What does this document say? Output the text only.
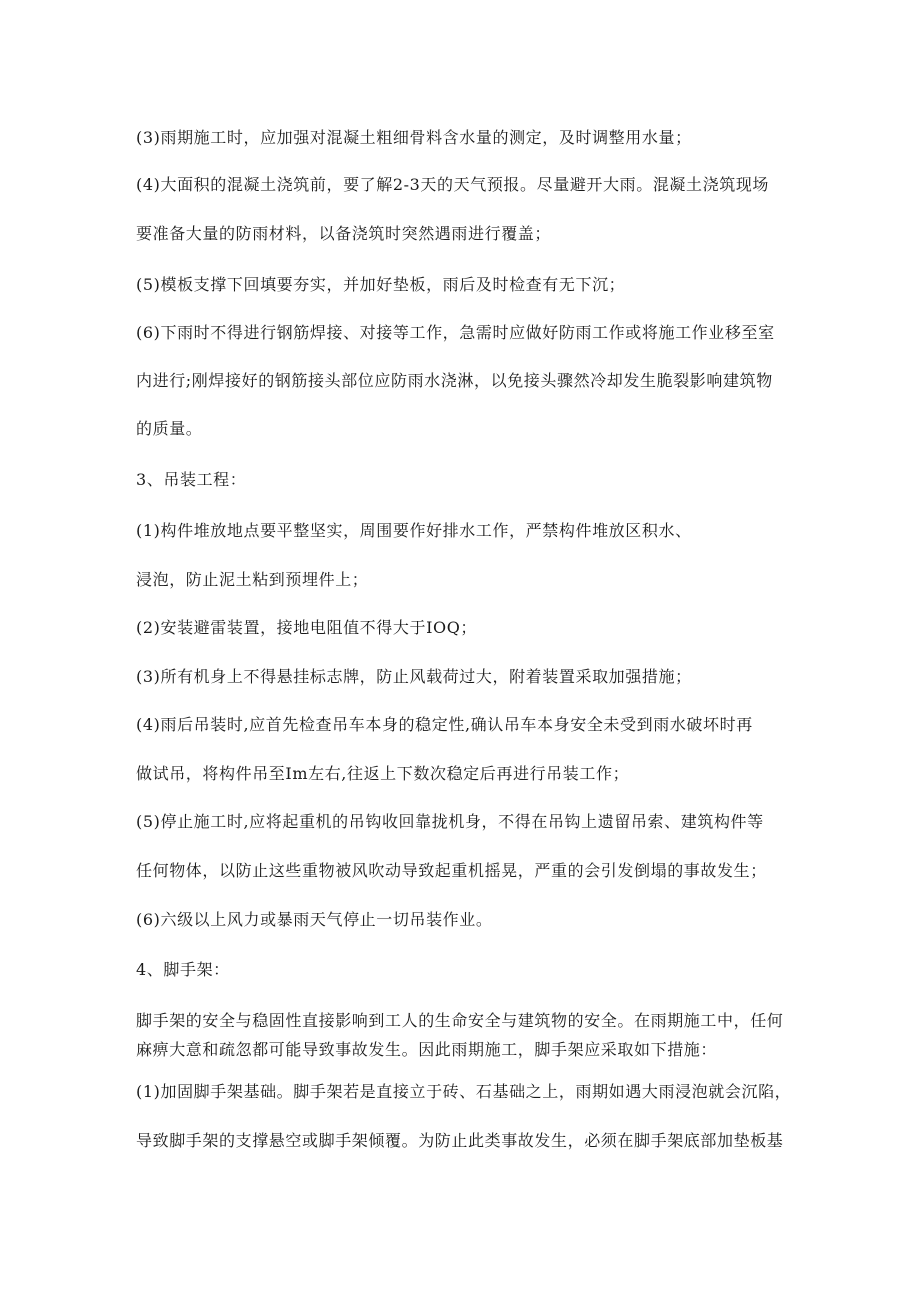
(3)雨期施工时，应加强对混凝土粗细骨料含水量的测定，及时调整用水量；
(4)大面积的混凝土浇筑前，要了解2-3天的天气预报。尽量避开大雨。混凝土浇筑现场
要准备大量的防雨材料，以备浇筑时突然遇雨进行覆盖；
(5)模板支撑下回填要夯实，并加好垫板，雨后及时检查有无下沉；
(6)下雨时不得进行钢筋焊接、对接等工作，急需时应做好防雨工作或将施工作业移至室
内进行;刚焊接好的钢筋接头部位应防雨水浇淋，以免接头骤然冷却发生脆裂影响建筑物
的质量。
3、吊装工程：
(1)构件堆放地点要平整坚实，周围要作好排水工作，严禁构件堆放区积水、
浸泡，防止泥土粘到预埋件上；
(2)安装避雷装置，接地电阻值不得大于IOQ；
(3)所有机身上不得悬挂标志牌，防止风载荷过大，附着装置采取加强措施；
(4)雨后吊装时,应首先检查吊车本身的稳定性,确认吊车本身安全未受到雨水破坏时再
做试吊，将构件吊至Im左右,往返上下数次稳定后再进行吊装工作；
(5)停止施工时,应将起重机的吊钩收回靠拢机身，不得在吊钩上遗留吊索、建筑构件等
任何物体，以防止这些重物被风吹动导致起重机摇晃，严重的会引发倒塌的事故发生；
(6)六级以上风力或暴雨天气停止一切吊装作业。
4、脚手架：
脚手架的安全与稳固性直接影响到工人的生命安全与建筑物的安全。在雨期施工中，任何
麻痹大意和疏忽都可能导致事故发生。因此雨期施工，脚手架应采取如下措施：
(1)加固脚手架基础。脚手架若是直接立于砖、石基础之上，雨期如遇大雨浸泡就会沉陷，
导致脚手架的支撑悬空或脚手架倾覆。为防止此类事故发生，必须在脚手架底部加垫板基
